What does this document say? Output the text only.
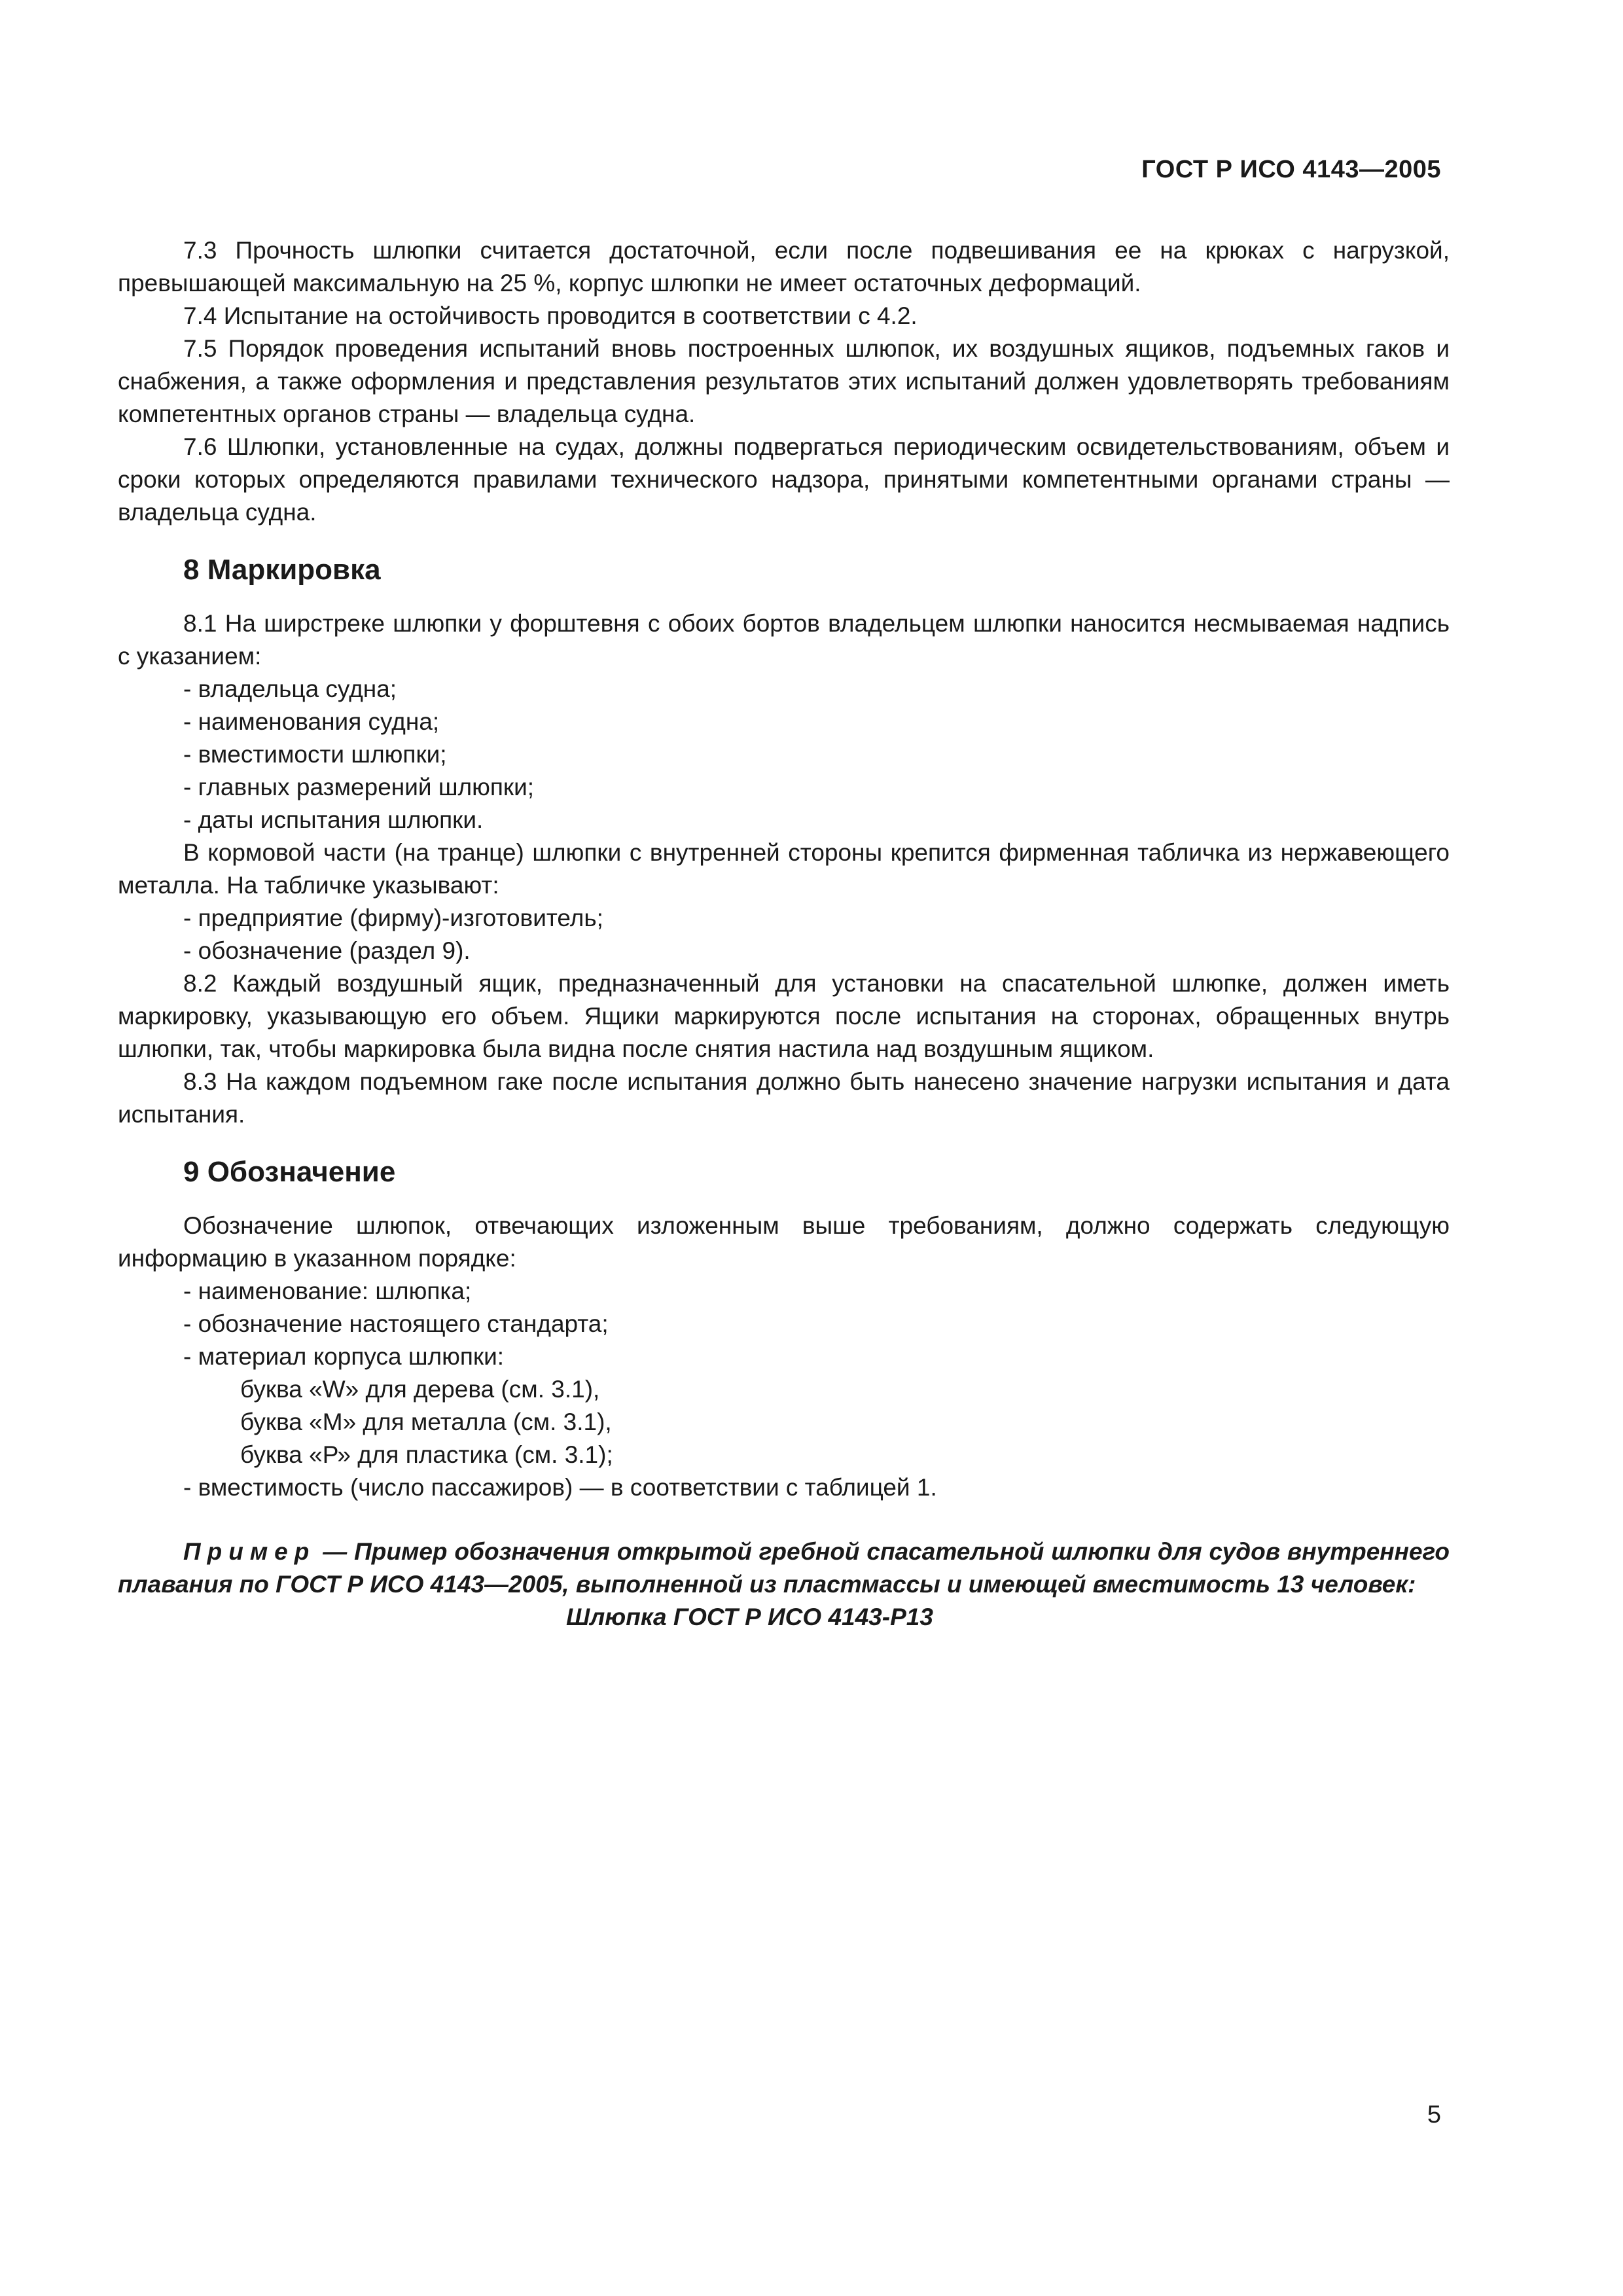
ГОСТ Р ИСО 4143—2005

7.3 Прочность шлюпки считается достаточной, если после подвешивания ее на крюках с нагрузкой, превышающей максимальную на 25 %, корпус шлюпки не имеет остаточных деформаций.

7.4 Испытание на остойчивость проводится в соответствии с 4.2.

7.5 Порядок проведения испытаний вновь построенных шлюпок, их воздушных ящиков, подъемных гаков и снабжения, а также оформления и представления результатов этих испытаний должен удовлетворять требованиям компетентных органов страны — владельца судна.

7.6 Шлюпки, установленные на судах, должны подвергаться периодическим освидетельствованиям, объем и сроки которых определяются правилами технического надзора, принятыми компетентными органами страны — владельца судна.

8 Маркировка

8.1 На ширстреке шлюпки у форштевня с обоих бортов владельцем шлюпки наносится несмываемая надпись с указанием:

- владельца судна;

- наименования судна;

- вместимости шлюпки;

- главных размерений шлюпки;

- даты испытания шлюпки.

В кормовой части (на транце) шлюпки с внутренней стороны крепится фирменная табличка из нержавеющего металла. На табличке указывают:

- предприятие (фирму)-изготовитель;

- обозначение (раздел 9).

8.2 Каждый воздушный ящик, предназначенный для установки на спасательной шлюпке, должен иметь маркировку, указывающую его объем. Ящики маркируются после испытания на сторонах, обращенных внутрь шлюпки, так, чтобы маркировка была видна после снятия настила над воздушным ящиком.

8.3 На каждом подъемном гаке после испытания должно быть нанесено значение нагрузки испытания и дата испытания.

9 Обозначение

Обозначение шлюпок, отвечающих изложенным выше требованиям, должно содержать следующую информацию в указанном порядке:

- наименование: шлюпка;

- обозначение настоящего стандарта;

- материал корпуса шлюпки:

буква «W» для дерева (см. 3.1),

буква «М» для металла (см. 3.1),

буква «Р» для пластика (см. 3.1);

- вместимость (число пассажиров) — в соответствии с таблицей 1.

Пример — Пример обозначения открытой гребной спасательной шлюпки для судов внутреннего плавания по ГОСТ Р ИСО 4143—2005, выполненной из пластмассы и имеющей вместимость 13 человек:

Шлюпка ГОСТ Р ИСО 4143-Р13

5
